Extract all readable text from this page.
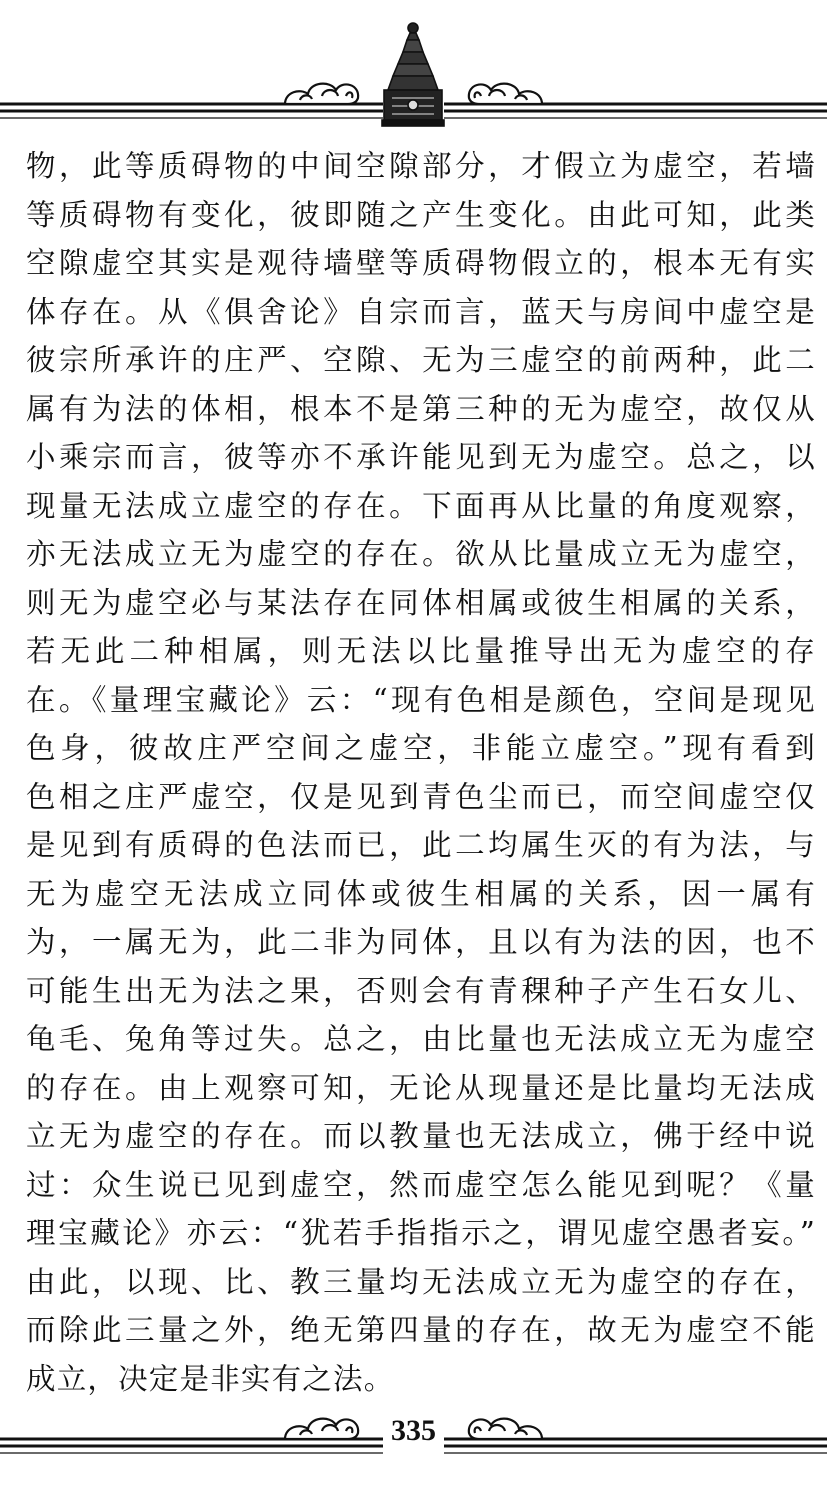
物，此等质碍物的中间空隙部分，才假立为虚空，若墙
等质碍物有变化，彼即随之产生变化。由此可知，此类
空隙虚空其实是观待墙壁等质碍物假立的，根本无有实
体存在。从《俱舍论》自宗而言，蓝天与房间中虚空是
彼宗所承许的庄严、空隙、无为三虚空的前两种，此二
属有为法的体相，根本不是第三种的无为虚空，故仅从
小乘宗而言，彼等亦不承许能见到无为虚空。总之，以
现量无法成立虚空的存在。下面再从比量的角度观察，
亦无法成立无为虚空的存在。欲从比量成立无为虚空，
则无为虚空必与某法存在同体相属或彼生相属的关系，
若无此二种相属，则无法以比量推导出无为虚空的存
在。《量理宝藏论》云：“现有色相是颜色，空间是现见
色身，彼故庄严空间之虚空，非能立虚空。”现有看到
色相之庄严虚空，仅是见到青色尘而已，而空间虚空仅
是见到有质碍的色法而已，此二均属生灭的有为法，与
无为虚空无法成立同体或彼生相属的关系，因一属有
为，一属无为，此二非为同体，且以有为法的因，也不
可能生出无为法之果，否则会有青稞种子产生石女儿、
龟毛、兔角等过失。总之，由比量也无法成立无为虚空
的存在。由上观察可知，无论从现量还是比量均无法成
立无为虚空的存在。而以教量也无法成立，佛于经中说
过：众生说已见到虚空，然而虚空怎么能见到呢？《量
理宝藏论》亦云：“犹若手指指示之，谓见虚空愚者妄。”
由此，以现、比、教三量均无法成立无为虚空的存在，
而除此三量之外，绝无第四量的存在，故无为虚空不能
成立，决定是非实有之法。
335
